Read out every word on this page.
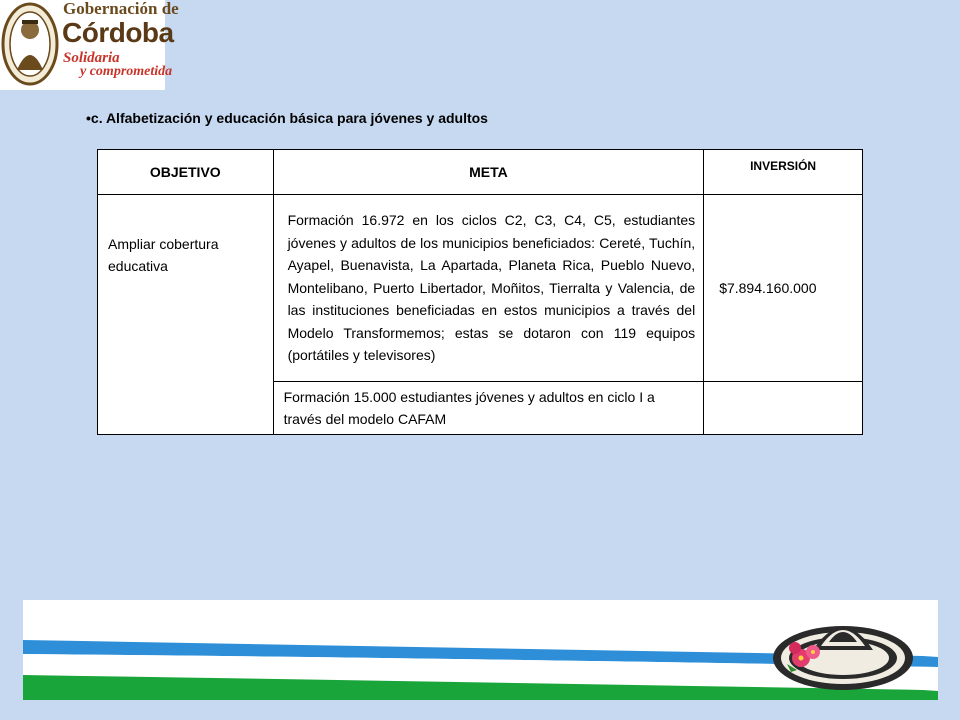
Gobernación de
Córdoba
Solidaria
y comprometida
•c. Alfabetización y educación básica para jóvenes y adultos
OBJETIVO	META	INVERSIÓN

Ampliar cobertura educativa	Formación 16.972 en los ciclos C2, C3, C4, C5, estudiantes jóvenes y adultos de los municipios beneficiados: Cereté, Tuchín, Ayapel, Buenavista, La Apartada, Planeta Rica, Pueblo Nuevo, Montelibano, Puerto Libertador, Moñitos, Tierralta y Valencia, de las instituciones beneficiadas en estos municipios a través del Modelo Transformemos; estas se dotaron con 119 equipos (portátiles y televisores)	$7.894.160.000
	Formación 15.000 estudiantes jóvenes y adultos en ciclo I a través del modelo CAFAM	
